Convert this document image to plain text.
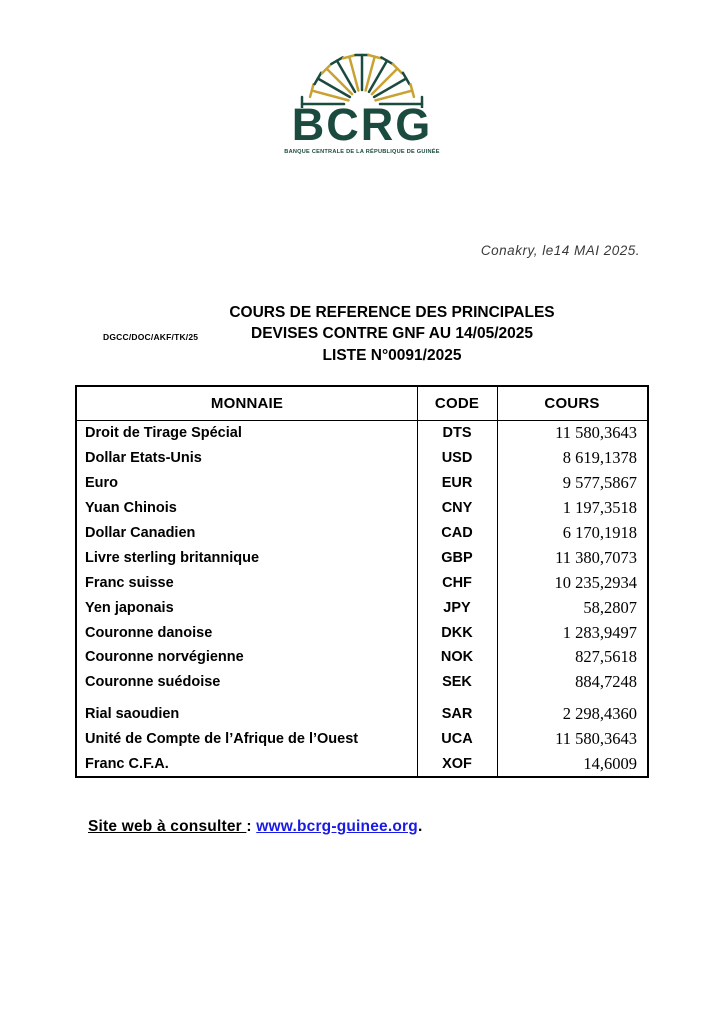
BCRG
BANQUE CENTRALE DE LA RÉPUBLIQUE DE GUINÉE
Conakry, le14 MAI 2025.
DGCC/DOC/AKF/TK/25
COURS DE REFERENCE DES PRINCIPALES
DEVISES CONTRE GNF AU 14/05/2025
LISTE N°0091/2025
MONNAIE	CODE	COURS
Droit de Tirage Spécial	DTS	11 580,3643
Dollar Etats-Unis	USD	8 619,1378
Euro	EUR	9 577,5867
Yuan Chinois	CNY	1 197,3518
Dollar Canadien	CAD	6 170,1918
Livre sterling britannique	GBP	11 380,7073
Franc suisse	CHF	10 235,2934
Yen japonais	JPY	58,2807
Couronne danoise	DKK	1 283,9497
Couronne norvégienne	NOK	827,5618
Couronne suédoise	SEK	884,7248
Rial saoudien	SAR	2 298,4360
Unité de Compte de l’Afrique de l’Ouest	UCA	11 580,3643
Franc C.F.A.	XOF	14,6009
Site web à consulter : www.bcrg-guinee.org.
